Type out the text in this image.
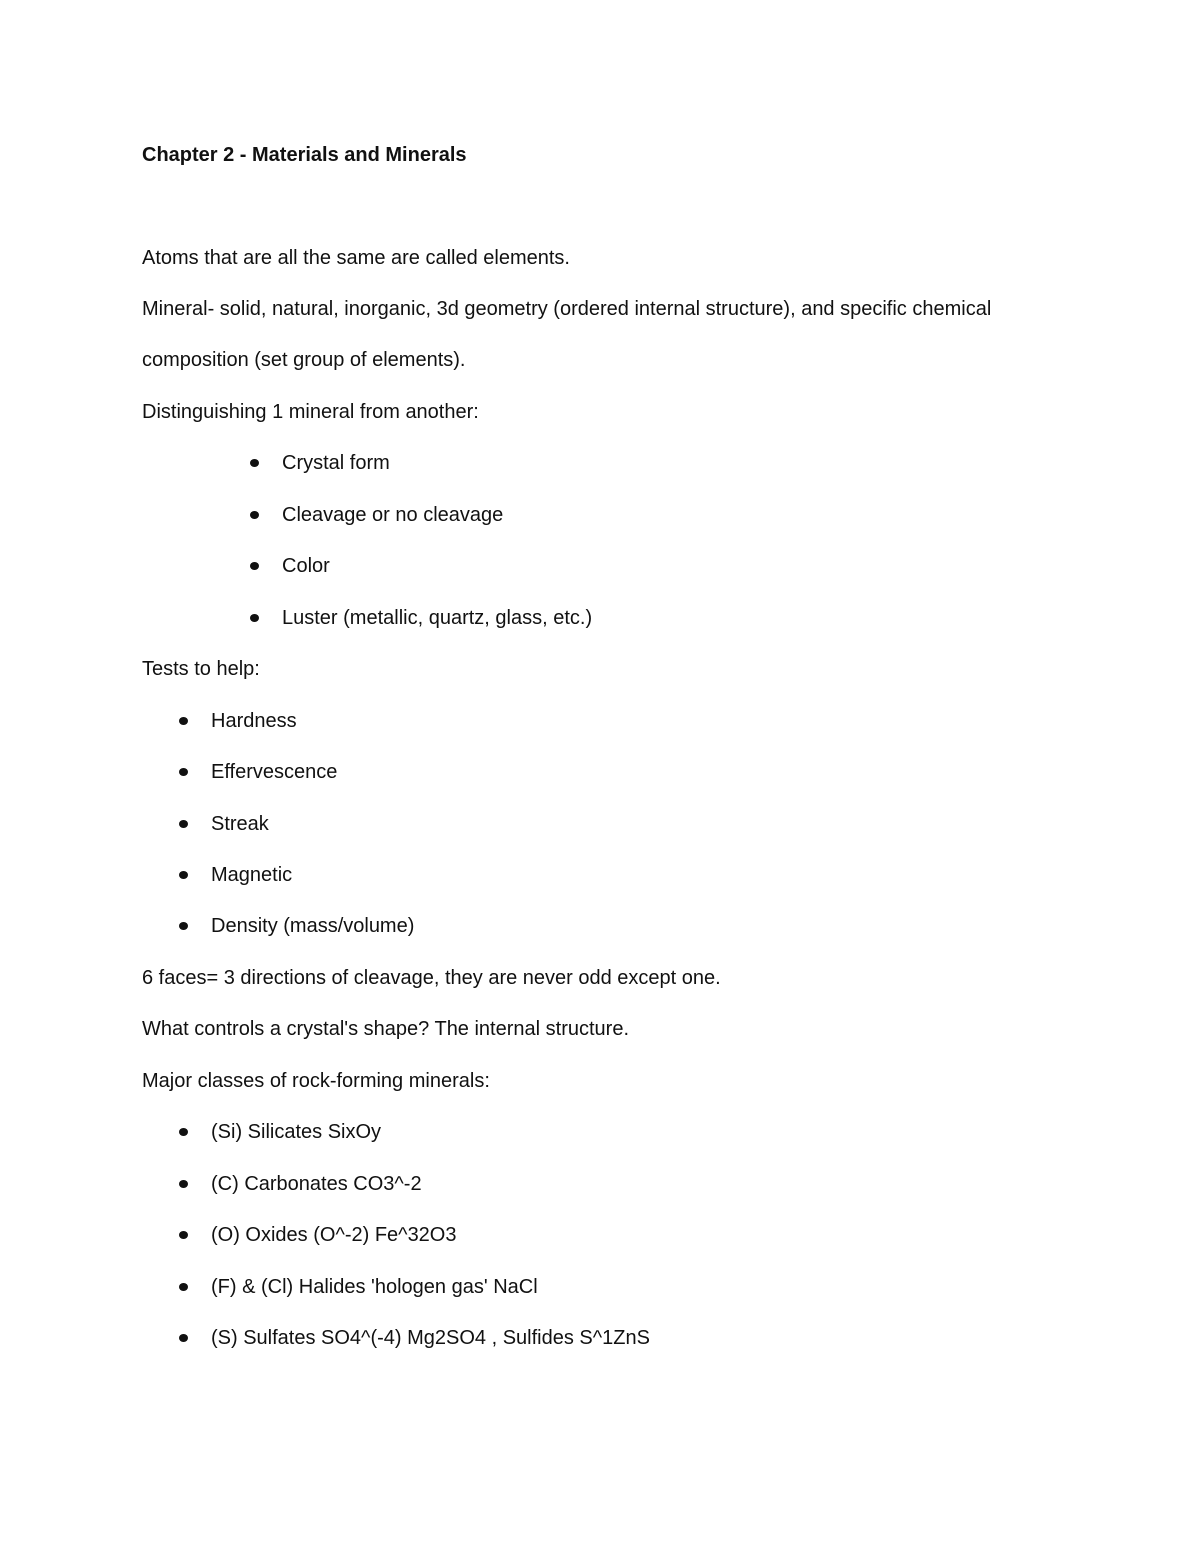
Chapter 2 - Materials and Minerals
Atoms that are all the same are called elements.
Mineral- solid, natural, inorganic, 3d geometry (ordered internal structure), and specific chemical
composition (set group of elements).
Distinguishing 1 mineral from another:
Crystal form
Cleavage or no cleavage
Color
Luster (metallic, quartz, glass, etc.)
Tests to help:
Hardness
Effervescence
Streak
Magnetic
Density (mass/volume)
6 faces= 3 directions of cleavage, they are never odd except one.
What controls a crystal's shape? The internal structure.
Major classes of rock-forming minerals:
(Si) Silicates SixOy
(C) Carbonates CO3^-2
(O) Oxides (O^-2) Fe^32O3
(F) & (Cl) Halides 'hologen gas' NaCl
(S) Sulfates SO4^(-4) Mg2SO4 , Sulfides S^1ZnS
